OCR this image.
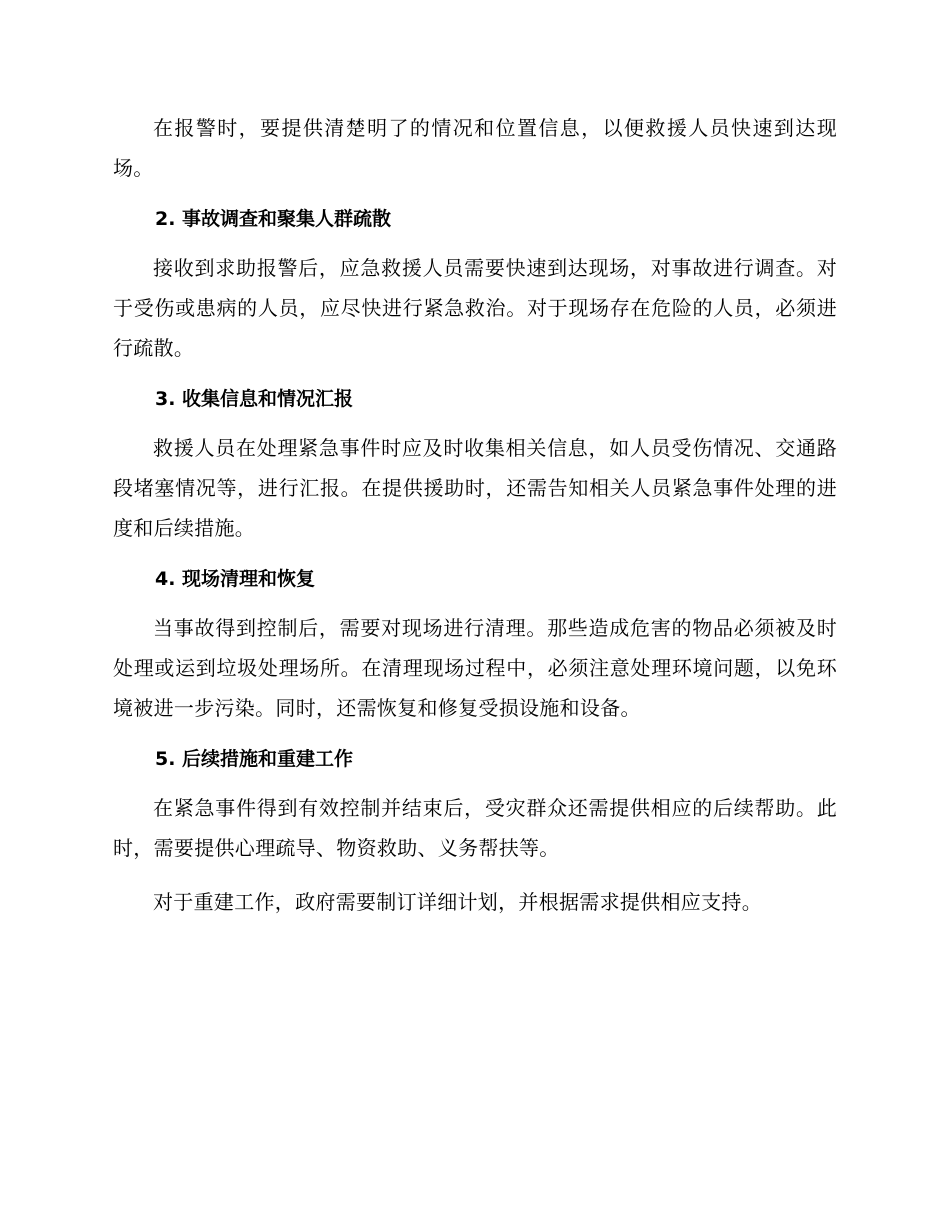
在报警时，要提供清楚明了的情况和位置信息，以便救援人员快速到达现场。

2. 事故调查和聚集人群疏散

接收到求助报警后，应急救援人员需要快速到达现场，对事故进行调查。对于受伤或患病的人员，应尽快进行紧急救治。对于现场存在危险的人员，必须进行疏散。

3. 收集信息和情况汇报

救援人员在处理紧急事件时应及时收集相关信息，如人员受伤情况、交通路段堵塞情况等，进行汇报。在提供援助时，还需告知相关人员紧急事件处理的进度和后续措施。

4. 现场清理和恢复

当事故得到控制后，需要对现场进行清理。那些造成危害的物品必须被及时处理或运到垃圾处理场所。在清理现场过程中，必须注意处理环境问题，以免环境被进一步污染。同时，还需恢复和修复受损设施和设备。

5. 后续措施和重建工作

在紧急事件得到有效控制并结束后，受灾群众还需提供相应的后续帮助。此时，需要提供心理疏导、物资救助、义务帮扶等。

对于重建工作，政府需要制订详细计划，并根据需求提供相应支持。
